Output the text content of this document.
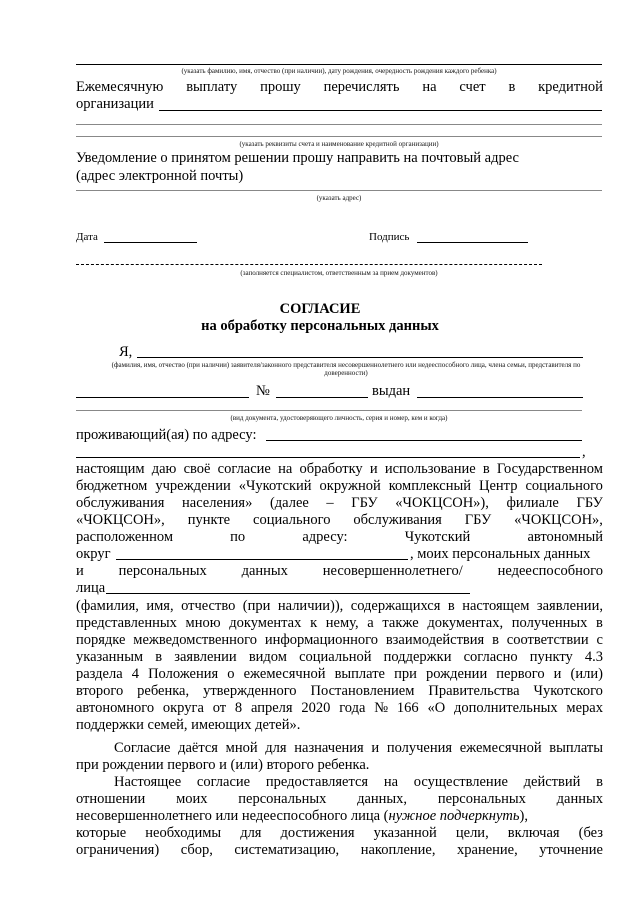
(указать фамилию, имя, отчество (при наличии), дату рождения, очередность рождения каждого ребенка)
Ежемесячную выплату прошу перечислять на счет в кредитной
организации
(указать реквизиты счета и наименование кредитной организации)
Уведомление о принятом решении прошу направить на почтовый адрес
(адрес электронной почты)
(указать адрес)
Дата	Подпись
(заполняется специалистом, ответственным за прием документов)
СОГЛАСИЕ
на обработку персональных данных
Я,
(фамилия, имя, отчество (при наличии) заявителя/законного представителя несовершеннолетнего или недееспособного лица, члена семьи, представителя по доверенности)
№	выдан
(вид документа, удостоверяющего личность, серия и номер, кем и когда)
проживающий(ая) по адресу:
,
настоящим даю своё согласие на обработку и использование в Государственном
бюджетном учреждении «Чукотский окружной комплексный Центр социального
обслуживания населения» (далее – ГБУ «ЧОКЦСОН»), филиале ГБУ
«ЧОКЦСОН», пункте социального обслуживания ГБУ «ЧОКЦСОН»,
расположенном	по	адресу:	Чукотский	автономный
округ	, моих персональных данных
и персональных данных несовершеннолетнего/ недееспособного
лица
(фамилия, имя, отчество (при наличии)), содержащихся в настоящем заявлении,
представленных мною документах к нему, а также документах, полученных в
порядке межведомственного информационного взаимодействия в соответствии с
указанным в заявлении видом социальной поддержки согласно пункту 4.3
раздела 4 Положения о ежемесячной выплате при рождении первого и (или)
второго ребенка, утвержденного Постановлением Правительства Чукотского
автономного округа от 8 апреля 2020 года № 166 «О дополнительных мерах
поддержки семей, имеющих детей».
Согласие даётся мной для назначения и получения ежемесячной выплаты
при рождении первого и (или) второго ребенка.
Настоящее согласие предоставляется на осуществление действий в
отношении моих персональных данных, персональных данных
несовершеннолетнего или недееспособного лица (нужное подчеркнуть),
которые необходимы для достижения указанной цели, включая (без
ограничения) сбор, систематизацию, накопление, хранение, уточнение
